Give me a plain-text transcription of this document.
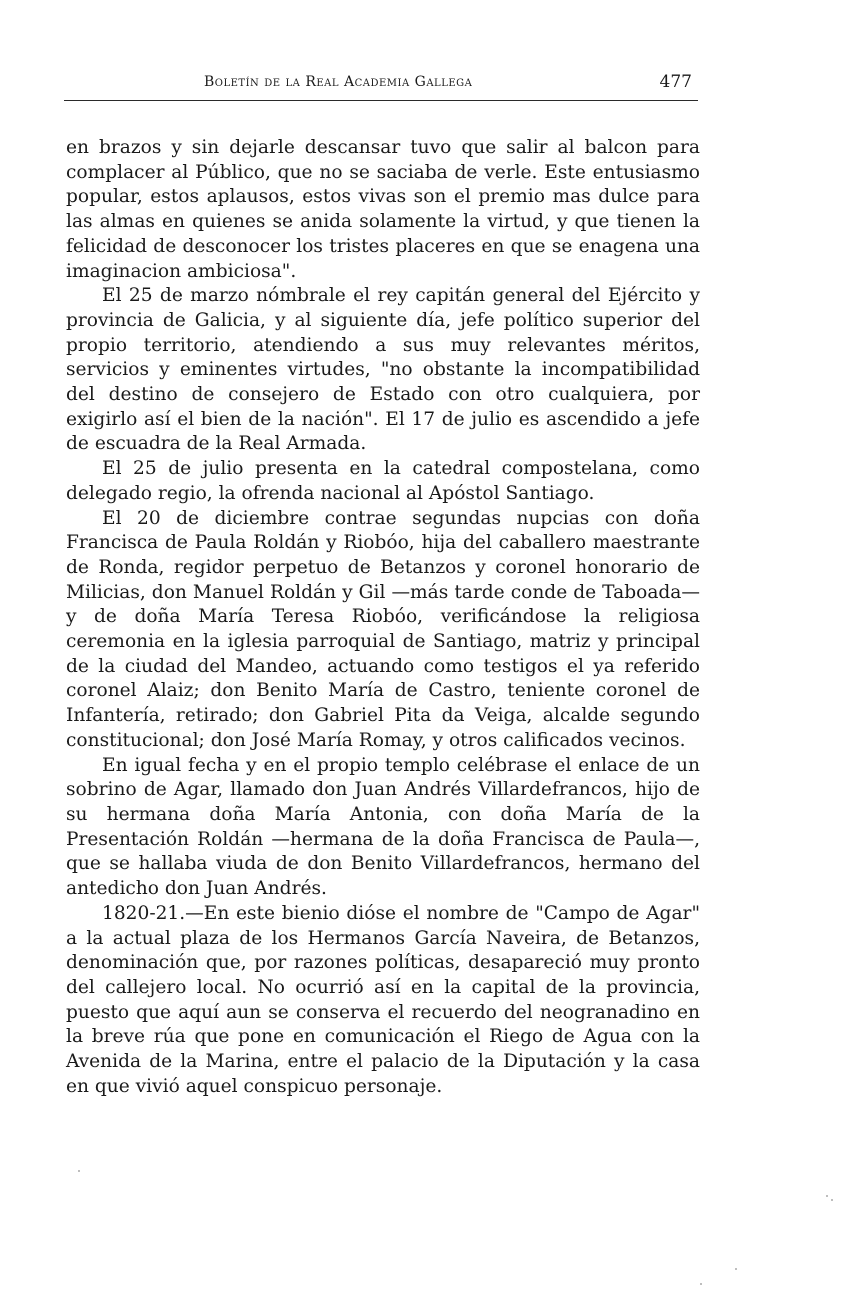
Boletín de la Real Academia Gallega	477

en brazos y sin dejarle descansar tuvo que salir al balcon para complacer al Público, que no se saciaba de verle. Este entusiasmo popular, estos aplausos, estos vivas son el premio mas dulce para las almas en quienes se anida solamente la virtud, y que tienen la felicidad de desconocer los tristes placeres en que se enagena una imaginacion ambiciosa".

El 25 de marzo nómbrale el rey capitán general del Ejército y provincia de Galicia, y al siguiente día, jefe político superior del propio territorio, atendiendo a sus muy relevantes méritos, servicios y eminentes virtudes, "no obstante la incompatibilidad del destino de consejero de Estado con otro cualquiera, por exigirlo así el bien de la nación". El 17 de julio es ascendido a jefe de escuadra de la Real Armada.

El 25 de julio presenta en la catedral compostelana, como delegado regio, la ofrenda nacional al Apóstol Santiago.

El 20 de diciembre contrae segundas nupcias con doña Francisca de Paula Roldán y Riobóo, hija del caballero maestrante de Ronda, regidor perpetuo de Betanzos y coronel honorario de Milicias, don Manuel Roldán y Gil —más tarde conde de Taboada— y de doña María Teresa Riobóo, verificándose la religiosa ceremonia en la iglesia parroquial de Santiago, matriz y principal de la ciudad del Mandeo, actuando como testigos el ya referido coronel Alaiz; don Benito María de Castro, teniente coronel de Infantería, retirado; don Gabriel Pita da Veiga, alcalde segundo constitucional; don José María Romay, y otros calificados vecinos.

En igual fecha y en el propio templo celébrase el enlace de un sobrino de Agar, llamado don Juan Andrés Villardefrancos, hijo de su hermana doña María Antonia, con doña María de la Presentación Roldán —hermana de la doña Francisca de Paula—, que se hallaba viuda de don Benito Villardefrancos, hermano del antedicho don Juan Andrés.

1820-21.—En este bienio dióse el nombre de "Campo de Agar" a la actual plaza de los Hermanos García Naveira, de Betanzos, denominación que, por razones políticas, desapareció muy pronto del callejero local. No ocurrió así en la capital de la provincia, puesto que aquí aun se conserva el recuerdo del neogranadino en la breve rúa que pone en comunicación el Riego de Agua con la Avenida de la Marina, entre el palacio de la Diputación y la casa en que vivió aquel conspicuo personaje.
